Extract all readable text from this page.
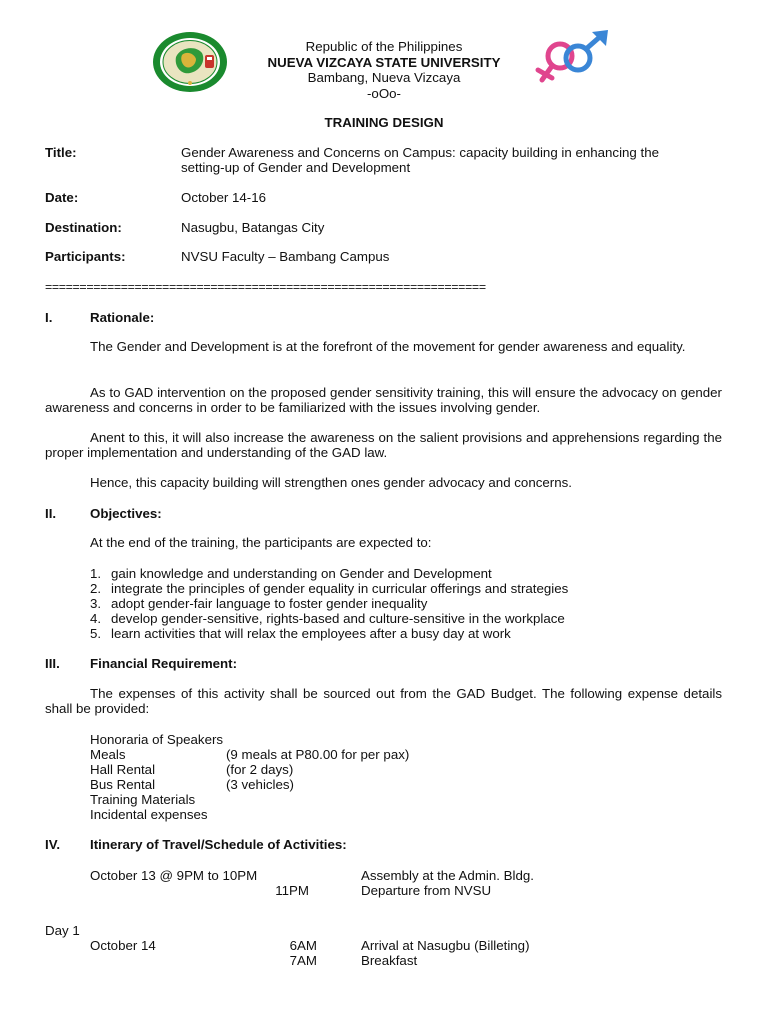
Republic of the Philippines
NUEVA VIZCAYA STATE UNIVERSITY
Bambang, Nueva Vizcaya
-oOo-
TRAINING DESIGN
Title:	Gender Awareness and Concerns on Campus: capacity building in enhancing the
setting-up of Gender and Development
Date:	October 14-16
Destination:	Nasugbu, Batangas City
Participants:	NVSU Faculty – Bambang Campus
================================================================
I.	Rationale:
The Gender and Development is at the forefront of the movement for gender awareness and equality.
As to GAD intervention on the proposed gender sensitivity training, this will ensure the advocacy on gender awareness and concerns in order to be familiarized with the issues involving gender.
Anent to this, it will also increase the awareness on the salient provisions and apprehensions regarding the proper implementation and understanding of the GAD law.
Hence, this capacity building will strengthen ones gender advocacy and concerns.
II.	Objectives:
At the end of the training, the participants are expected to:
1. gain knowledge and understanding on Gender and Development
2. integrate the principles of gender equality in curricular offerings and strategies
3. adopt gender-fair language to foster gender inequality
4. develop gender-sensitive, rights-based and culture-sensitive in the workplace
5. learn activities that will relax the employees after a busy day at work
III. Financial Requirement:
The expenses of this activity shall be sourced out from the GAD Budget. The following expense details shall be provided:
Honoraria of Speakers
Meals	(9 meals at P80.00 for per pax)
Hall Rental	(for 2 days)
Bus Rental	(3 vehicles)
Training Materials
Incidental expenses
IV. Itinerary of Travel/Schedule of Activities:
October 13 @ 9PM to 10PM	Assembly at the Admin. Bldg.
11PM	Departure from NVSU
Day 1
October 14	6AM	Arrival at Nasugbu (Billeting)
7AM	Breakfast
